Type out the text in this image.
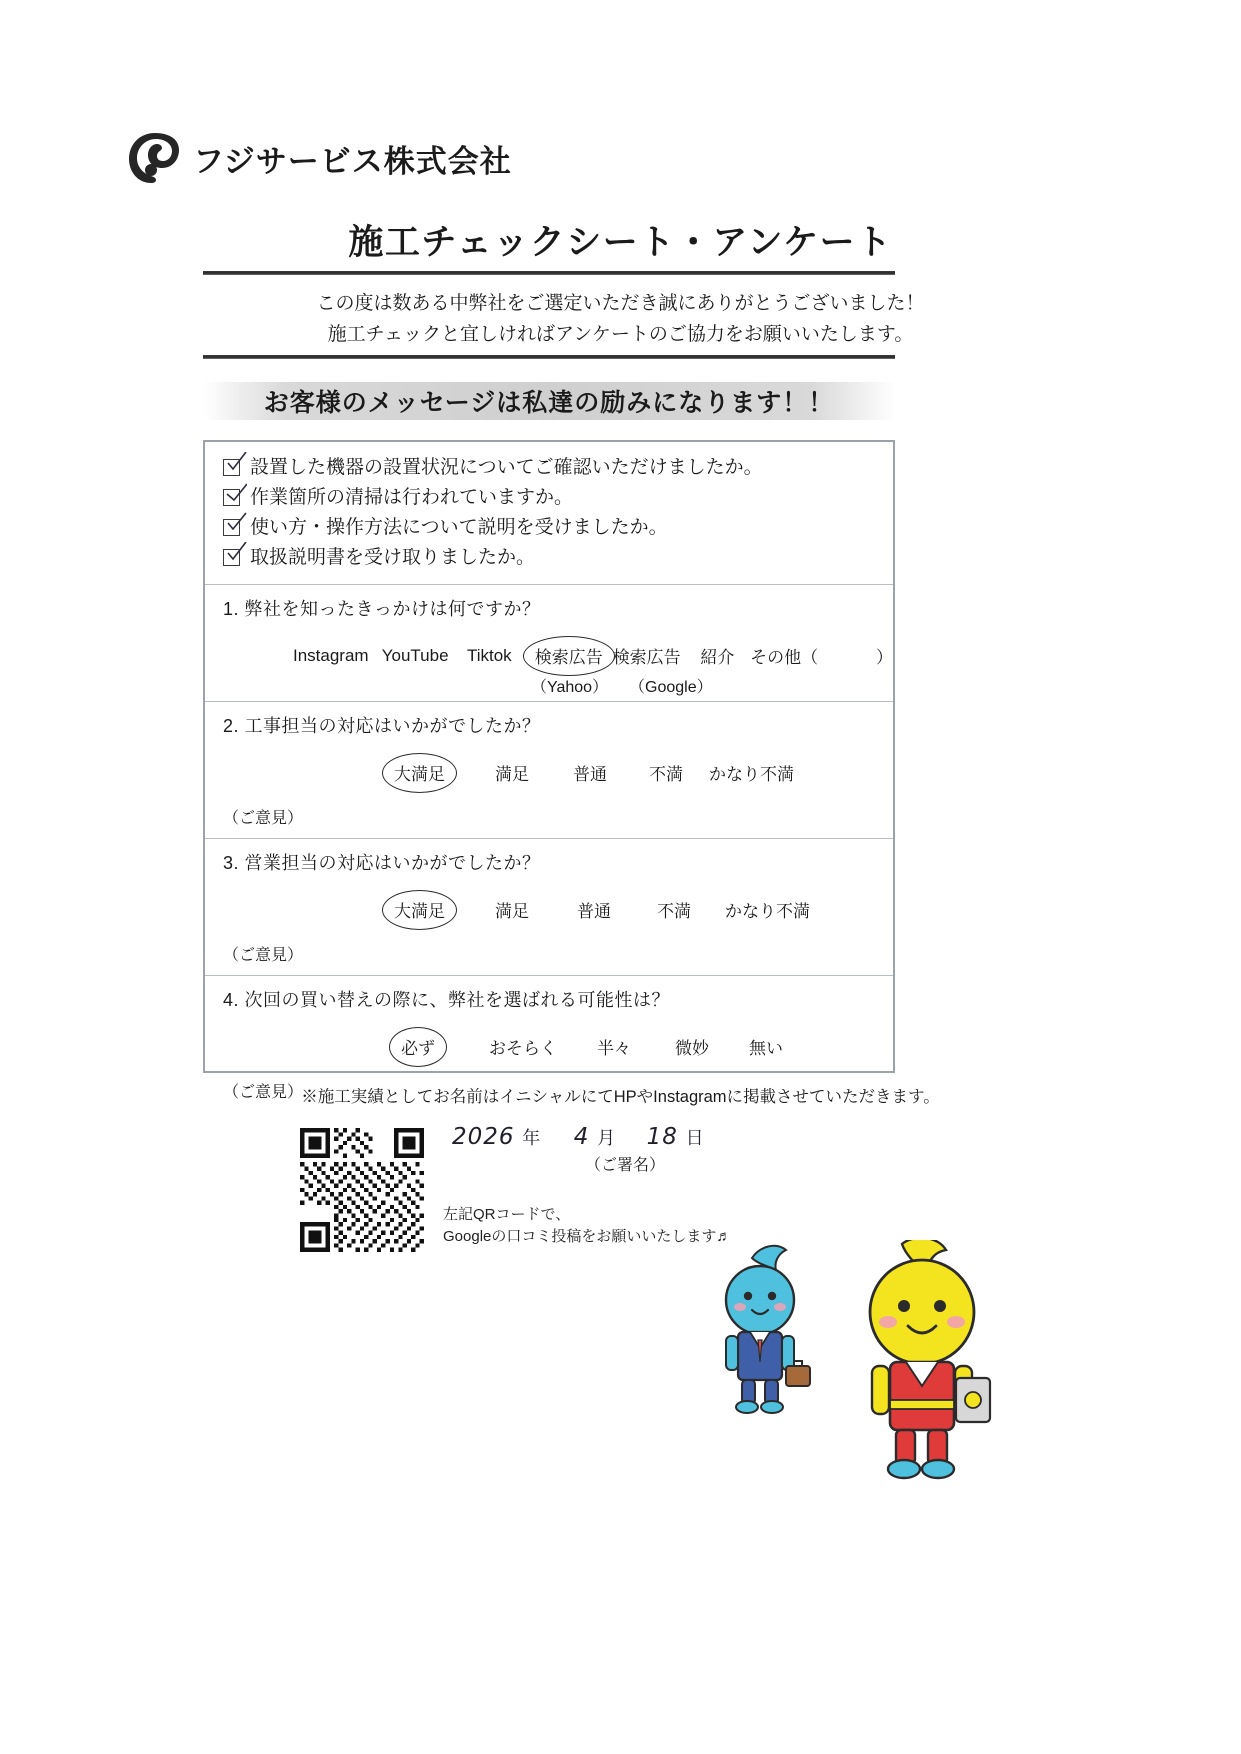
フジサービス株式会社
施工チェックシート・アンケート
この度は数ある中弊社をご選定いただき誠にありがとうございました！
施工チェックと宜しければアンケートのご協力をお願いいたします。
お客様のメッセージは私達の励みになります！！
設置した機器の設置状況についてご確認いただけましたか。
作業箇所の清掃は行われていますか。
使い方・操作方法について説明を受けましたか。
取扱説明書を受け取りましたか。
1. 弊社を知ったきっかけは何ですか？
Instagram YouTube Tiktok	検索広告 検索広告 紹介 その他（	）
（Yahoo） （Google）
2. 工事担当の対応はいかがでしたか？
大満足	満足	普通 不満 かなり不満
（ご意見）
3. 営業担当の対応はいかがでしたか？
大満足	満足	普通	不満 かなり不満
（ご意見）
4. 次回の買い替えの際に、弊社を選ばれる可能性は？
必ず	おそらく 半々	微妙 無い
（ご意見）
※施工実績としてお名前はイニシャルにてHPやInstagramに掲載させていただきます。
左記QRコードで、
Googleの口コミ投稿をお願いいたします♬
2026 年 4 月 18 日
（ご署名）
